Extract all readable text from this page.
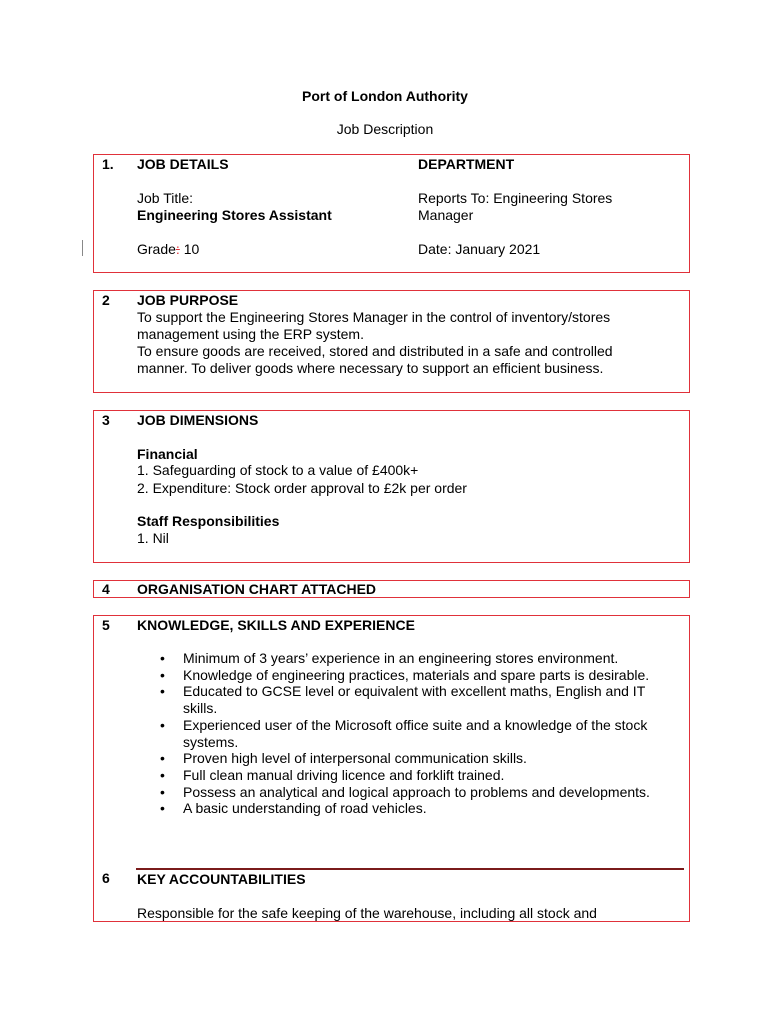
Port of London Authority
Job Description
1. JOB DETAILS	DEPARTMENT
Job Title:
Engineering Stores Assistant
Reports To: Engineering Stores
Manager
Grade: 10	Date: January 2021
2 JOB PURPOSE
To support the Engineering Stores Manager in the control of inventory/stores
management using the ERP system.
To ensure goods are received, stored and distributed in a safe and controlled
manner. To deliver goods where necessary to support an efficient business.
3 JOB DIMENSIONS
Financial
1. Safeguarding of stock to a value of £400k+
2. Expenditure: Stock order approval to £2k per order
Staff Responsibilities
1. Nil
4 ORGANISATION CHART ATTACHED
5 KNOWLEDGE, SKILLS AND EXPERIENCE
• Minimum of 3 years’ experience in an engineering stores environment.
• Knowledge of engineering practices, materials and spare parts is desirable.
• Educated to GCSE level or equivalent with excellent maths, English and IT skills.
• Experienced user of the Microsoft office suite and a knowledge of the stock systems.
• Proven high level of interpersonal communication skills.
• Full clean manual driving licence and forklift trained.
• Possess an analytical and logical approach to problems and developments.
• A basic understanding of road vehicles.
6 KEY ACCOUNTABILITIES
Responsible for the safe keeping of the warehouse, including all stock and
